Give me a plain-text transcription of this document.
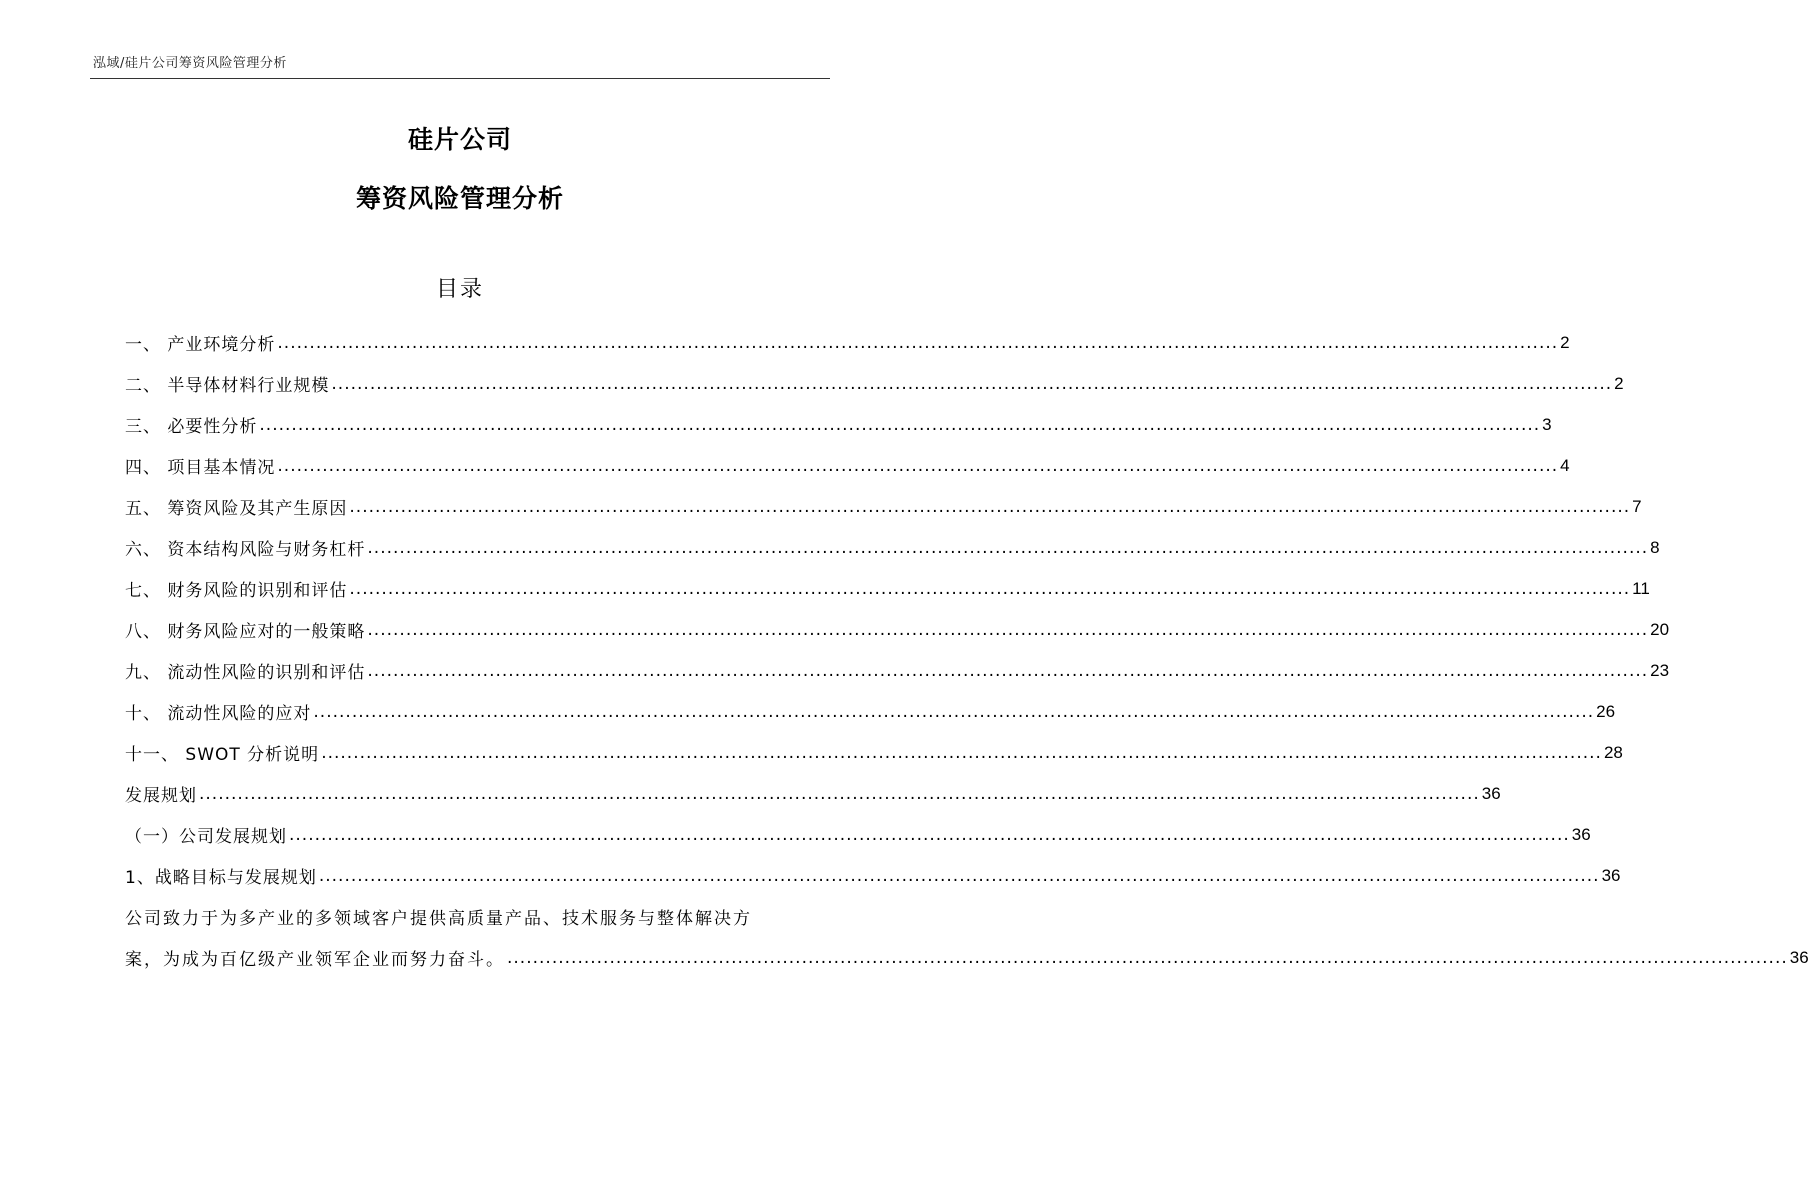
泓域/硅片公司筹资风险管理分析
硅片公司
筹资风险管理分析
目录
一、 产业环境分析 ........................................................................................................................................................................................................ 2
二、 半导体材料行业规模 ........................................................................................................................................................................................................ 2
三、 必要性分析 ........................................................................................................................................................................................................ 3
四、 项目基本情况 ........................................................................................................................................................................................................ 4
五、 筹资风险及其产生原因 ........................................................................................................................................................................................................ 7
六、 资本结构风险与财务杠杆 ........................................................................................................................................................................................................ 8
七、 财务风险的识别和评估 ........................................................................................................................................................................................................ 11
八、 财务风险应对的一般策略 ........................................................................................................................................................................................................ 20
九、 流动性风险的识别和评估 ........................................................................................................................................................................................................ 23
十、 流动性风险的应对 ........................................................................................................................................................................................................ 26
十一、 SWOT 分析说明 ........................................................................................................................................................................................................ 28
发展规划 ........................................................................................................................................................................................................ 36
（一）公司发展规划 ........................................................................................................................................................................................................ 36
1、战略目标与发展规划 ........................................................................................................................................................................................................ 36
公司致力于为多产业的多领域客户提供高质量产品、技术服务与整体解决方
案，为成为百亿级产业领军企业而努力奋斗。 ........................................................................................................................................................................................................ 36
